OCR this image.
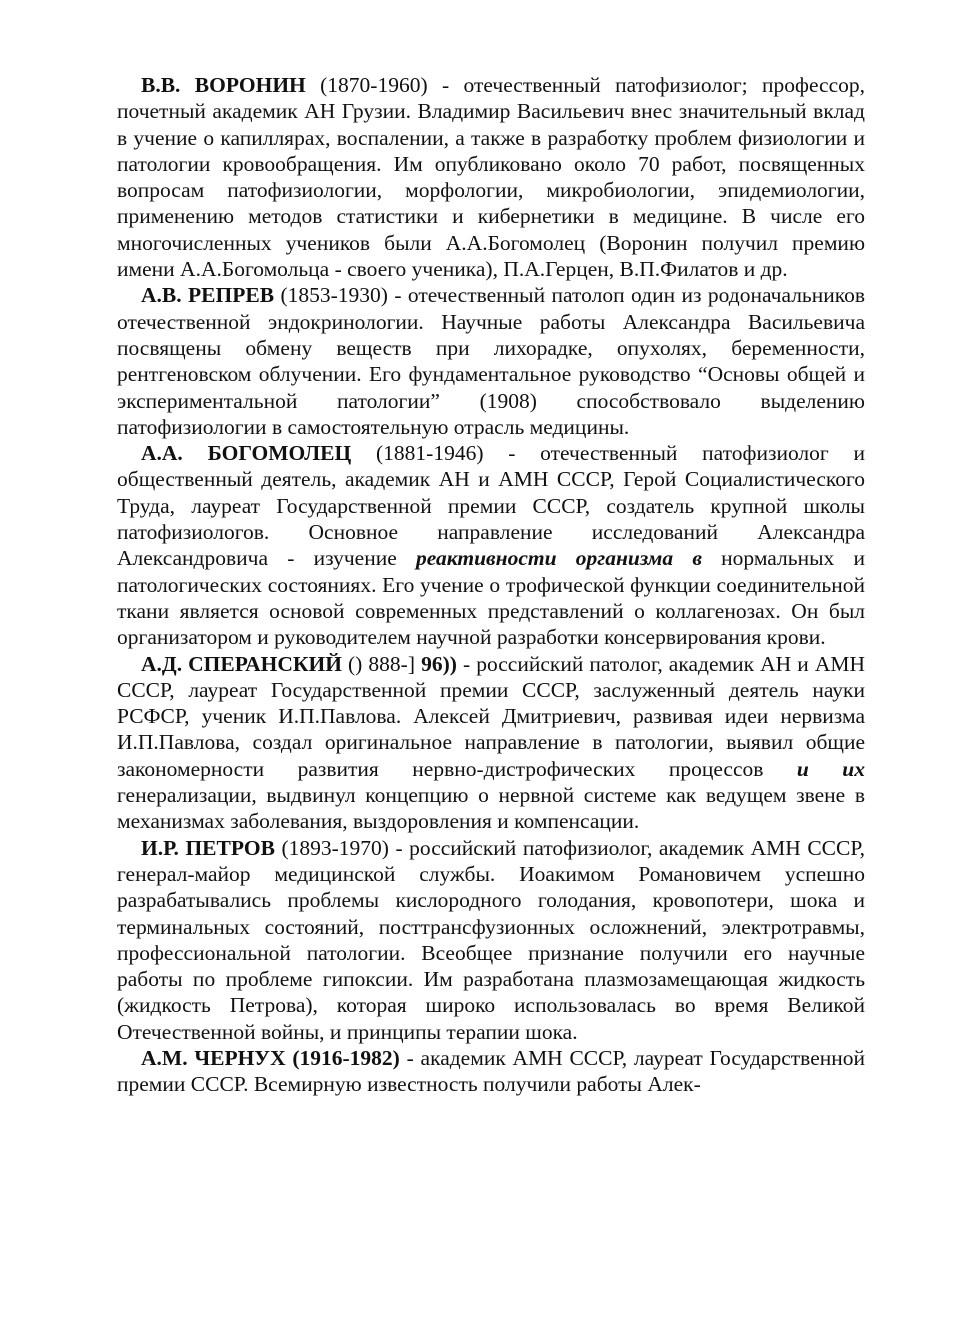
В.В. ВОРОНИН (1870-1960) - отечественный патофизиолог; профессор, почетный академик АН Грузии. Владимир Васильевич внес значительный вклад в учение о капиллярах, воспалении, а также в разработку проблем физиологии и патологии кровообращения. Им опубликовано около 70 работ, посвященных вопросам патофизиологии, морфологии, микробиологии, эпидемиологии, применению методов статистики и кибернетики в медицине. В числе его многочисленных учеников были А.А.Богомолец (Воронин получил премию имени А.А.Богомольца - своего ученика), П.А.Герцен, В.П.Филатов и др.

А.В. РЕПРЕВ (1853-1930) - отечественный патолоп один из родоначальников отечественной эндокринологии. Научные работы Александра Васильевича посвящены обмену веществ при лихорадке, опухолях, беременности, рентгеновском облучении. Его фундаментальное руководство “Основы общей и экспериментальной патологии” (1908) способствовало выделению патофизиологии в самостоятельную отрасль медицины.

А.А. БОГОМОЛЕЦ (1881-1946) - отечественный патофизиолог и общественный деятель, академик АН и АМН СССР, Герой Социалистического Труда, лауреат Государственной премии СССР, создатель крупной школы патофизиологов. Основное направление исследований Александра Александровича - изучение реактивности организма в нормальных и патологических состояниях. Его учение о трофической функции соединительной ткани является основой современных представлений о коллагенозах. Он был организатором и руководителем научной разработки консервирования крови.

А.Д. СПЕРАНСКИЙ () 888-] 96)) - российский патолог, академик АН и АМН СССР, лауреат Государственной премии СССР, заслуженный деятель науки РСФСР, ученик И.П.Павлова. Алексей Дмитриевич, развивая идеи нервизма И.П.Павлова, создал оригинальное направление в патологии, выявил общие закономерности развития нервно-дистрофических процессов и их генерализации, выдвинул концепцию о нервной системе как ведущем звене в механизмах заболевания, выздоровления и компенсации.

И.Р. ПЕТРОВ (1893-1970) - российский патофизиолог, академик АМН СССР, генерал-майор медицинской службы. Иоакимом Романовичем успешно разрабатывались проблемы кислородного голодания, кровопотери, шока и терминальных состояний, посттрансфузионных осложнений, электротравмы, профессиональной патологии. Всеобщее признание получили его научные работы по проблеме гипоксии. Им разработана плазмозамещающая жидкость (жидкость Петрова), которая широко использовалась во время Великой Отечественной войны, и принципы терапии шока.

А.М. ЧЕРНУХ (1916-1982) - академик АМН СССР, лауреат Государственной премии СССР. Всемирную известность получили работы Алек-
